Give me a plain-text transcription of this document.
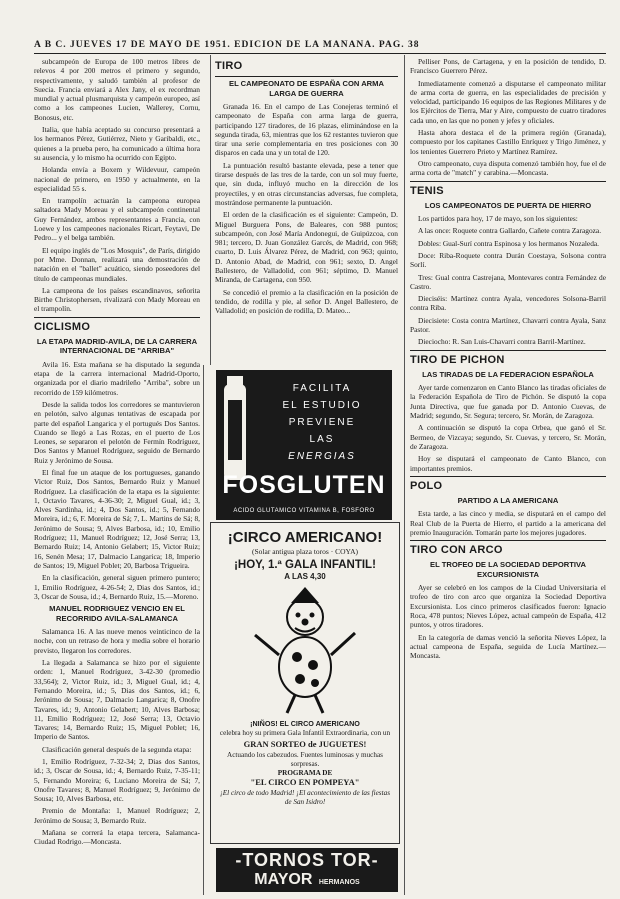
A B C. JUEVES 17 DE MAYO DE 1951. EDICION DE LA MAÑANA. PAG. 38

subcampeón de Europa de 100 metros libres de relevos 4 por 200 metros el primero y segundo, respectivamente, y saludó también al profesor de Suecia. Francia enviará a Alex Jany, el ex recordman mundial y actual plusmarquista y campeón europeo, así como a los campeones Lucien, Wallerey, Cornu, Bonosus, etc.

Italia, que había aceptado su concurso presentará a los hermanos Pérez, Gutiérrez, Nieto y Garibaldi, etc., quienes a la prueba pero, ha comunicado a última hora su ausencia, y lo mismo ha ocurrido con Egipto.

Holanda envía a Boxem y Wildevuur, campeón nacional de primero, en 1950 y actualmente, en la especialidad 55 s.

En trampolín actuarán la campeona europea saltadora Mady Moreau y el subcampeón continental Guy Fernández, ambos representantes a Francia, con Loewe y los campeones nacionales Ricart, Feytavi, De Pedro... y el belga también.

El equipo inglés de "Los Mosquis", de París, dirigido por Mme. Donnan, realizará una demostración de natación en el "ballet" acuático, siendo poseedores del título de campeonas mundiales.

La campeona de los países escandinavos, señorita Birthe Christophersen, rivalizará con Mady Moreau en el trampolín.

CICLISMO
LA ETAPA MADRID-AVILA, DE LA CARRERA INTERNACIONAL DE "ARRIBA"

Avila 16. Esta mañana se ha disputado la segunda etapa de la carrera internacional Madrid-Oporto, organizada por el diario madrileño "Arriba", sobre un recorrido de 159 kilómetros.

Desde la salida todos los corredores se mantuvieron en pelotón, salvo algunas tentativas de escapada por parte del español Langarica y el portugués Dos Santos. Cuando se llegó a Las Rozas, en el puerto de Los Leones, se separaron el pelotón de Fermín Rodríguez, Dos Santos y Manuel Rodríguez, seguido de Bernardo Ruiz y Jerónimo de Sousa.

El final fue un ataque de los portugueses, ganando Victor Ruiz, Dos Santos, Bernardo Ruiz y Manuel Rodríguez. La clasificación de la etapa es la siguiente: 1, Octavio Tavares, 4-36-30; 2, Miguel Gual, id.; 3, Alves Sardinha, id.; 4, Dos Santos, id.; 5, Fernando Moreira, id.; 6, F. Moreira de Sá; 7, L. Martins de Sá; 8, Jerónimo de Sousa; 9, Alves Barbosa, id.; 10, Emilio Rodríguez; 11, Manuel Rodríguez; 12, José Serra; 13, Bernardo Ruiz; 14, Antonio Gelabert; 15, Victor Ruiz; 16, Senén Mesa; 17, Dalmacio Langarica; 18, Imperio de Santos; 19, Miguel Poblet; 20, Barbosa Trigueira.

En la clasificación, general siguen primero puntero; 1, Emilio Rodríguez, 4-26-54; 2, Dias dos Santos, id.; 3, Oscar de Sousa, id.; 4, Bernardo Ruiz, 15.—Moreno.

MANUEL RODRIGUEZ VENCIO EN EL RECORRIDO AVILA-SALAMANCA

Salamanca 16. A las nueve menos veinticinco de la noche, con un retraso de hora y media sobre el horario previsto, llegaron los corredores.

La llegada a Salamanca se hizo por el siguiente orden: 1, Manuel Rodríguez, 3-42-30 (promedio 33,564); 2, Victor Ruiz, id.; 3, Miguel Gual, id.; 4, Fernando Moreira, id.; 5, Dias dos Santos, id.; 6, Jerónimo de Sousa; 7, Dalmacio Langarica; 8, Onofre Tavares, id.; 9, Antonio Gelabert; 10, Alves Barbosa; 11, Emilio Rodríguez; 12, José Serra; 13, Octavio Tavares; 14, Bernardo Ruiz; 15, Miguel Poblet; 16, Imperio de Santos.

Clasificación general después de la segunda etapa:

1, Emilio Rodríguez, 7-32-34; 2, Dias dos Santos, id.; 3, Oscar de Sousa, id.; 4, Bernardo Ruiz, 7-35-11; 5, Fernando Moreira; 6, Luciano Moreira de Sá; 7, Onofre Tavares; 8, Manuel Rodríguez; 9, Jerónimo de Sousa; 10, Alves Barbosa, etc.

Premio de Montaña: 1, Manuel Rodríguez; 2, Jerónimo de Sousa; 3, Bernardo Ruiz.

Mañana se correrá la etapa tercera, Salamanca-Ciudad Rodrigo.—Moncasta.

TIRO
EL CAMPEONATO DE ESPAÑA CON ARMA LARGA DE GUERRA

Granada 16. En el campo de Las Conejeras terminó el campeonato de España con arma larga de guerra, participando 127 tiradores, de 16 plazas, eliminándose en la segunda tirada, 63, mientras que los 62 restantes tuvieron que tirar una serie complementaria en tres posiciones con 30 disparos en cada una y un total de 120.

La puntuación resultó bastante elevada, pese a tener que tirarse después de las tres de la tarde, con un sol muy fuerte, que, sin duda, influyó mucho en la dirección de los proyectiles, y en otras circunstancias adversas, fue completa, mostrándose permanente la puntuación.

El orden de la clasificación es el siguiente: Campeón, D. Miguel Burguera Pons, de Baleares, con 988 puntos; subcampeón, con José María Andonegui, de Guipúzcoa, con 981; tercero, D. Juan González Garcés, de Madrid, con 968; cuarto, D. Luis Álvarez Pérez, de Madrid, con 963; quinto, D. Antonio Abad, de Madrid, con 961; sexto, D. Angel Ballestero, de Valladolid, con 961; séptimo, D. Manuel Miranda, de Cartagena, con 950.

Se concedió el premio a la clasificación en la posición de tendido, de rodilla y pie, al señor D. Angel Ballestero, de Valladolid; en posición de rodilla, D. Mateo...

FACILITA
EL ESTUDIO
PREVIENE
LAS
ENERGIAS
FOSGLUTEN
ACIDO GLUTAMICO VITAMINA B, FOSFORO
¡CIRCO AMERICANO!
(Solar antigua plaza toros · COYA)
¡HOY, 1.ª GALA INFANTIL!
A LAS 4,30
¡NIÑOS! EL CIRCO AMERICANO
celebra hoy su primera Gala Infantil Extraordinaria, con un
GRAN SORTEO de JUGUETES!
Actuando los cabezudos. Fuentes luminosas y muchas sorpresas.
PROGRAMA DE
"EL CIRCO EN POMPEYA"
¡El circo de todo Madrid! ¡El acontecimiento de las fiestas de San Isidro!
-TORNOS TOR-
MAYOR HERMANOS

Pelliser Pons, de Cartagena, y en la posición de tendido, D. Francisco Guerrero Pérez.

Inmediatamente comenzó a disputarse el campeonato militar de arma corta de guerra, en las especialidades de precisión y velocidad, participando 16 equipos de las Regiones Militares y de los Ejércitos de Tierra, Mar y Aire, compuesto de cuatro tiradores cada uno, en las que no ponen y jefes y oficiales.

Hasta ahora destaca el de la primera región (Granada), compuesto por los capitanes Castillo Enríquez y Trigo Jiménez, y los tenientes Guerrero Prieto y Martínez Ramírez.

Otro campeonato, cuya disputa comenzó también hoy, fue el de arma corta de "match" y carabina.—Moncasta.

TENIS
LOS CAMPEONATOS DE PUERTA DE HIERRO

Los partidos para hoy, 17 de mayo, son los siguientes:

A las once: Roquete contra Gallardo, Cañete contra Zaragoza.

Dobles: Gual-Surí contra Espinosa y los hermanos Nozaleda.

Doce: Riba-Roquete contra Durán Coestaya, Solsona contra Sorlí.

Tres: Gual contra Castrejana, Montevares contra Fernández de Castro.

Dieciséis: Martínez contra Ayala, vencedores Solsona-Barril contra Riba.

Diecisiete: Costa contra Martínez, Chavarri contra Ayala, Sanz Pastor.

Dieciocho: R. San Luis-Chavarri contra Barril-Martínez.

TIRO DE PICHON
LAS TIRADAS DE LA FEDERACION ESPAÑOLA

Ayer tarde comenzaron en Canto Blanco las tiradas oficiales de la Federación Española de Tiro de Pichón. Se disputó la copa Junta Directiva, que fue ganada por D. Antonio Cuevas, de Madrid; segundo, Sr. Segura; tercero, Sr. Morán, de Zaragoza.

A continuación se disputó la copa Orbea, que ganó el Sr. Bermeo, de Vizcaya; segundo, Sr. Cuevas, y tercero, Sr. Morán, de Zaragoza.

Hoy se disputará el campeonato de Canto Blanco, con importantes premios.

POLO
PARTIDO A LA AMERICANA

Esta tarde, a las cinco y media, se disputará en el campo del Real Club de la Puerta de Hierro, el partido a la americana del premio Inauguración. Tomarán parte los mejores jugadores.

TIRO CON ARCO
EL TROFEO DE LA SOCIEDAD DEPORTIVA EXCURSIONISTA

Ayer se celebró en los campos de la Ciudad Universitaria el trofeo de tiro con arco que organiza la Sociedad Deportiva Excursionista. Los cinco primeros clasificados fueron: Ignacio Roca, 478 puntos; Nieves López, actual campeón de España, 412 puntos, y otros tiradores.

En la categoría de damas venció la señorita Nieves López, la actual campeona de España, seguida de Lucía Martínez.—Moncasta.
